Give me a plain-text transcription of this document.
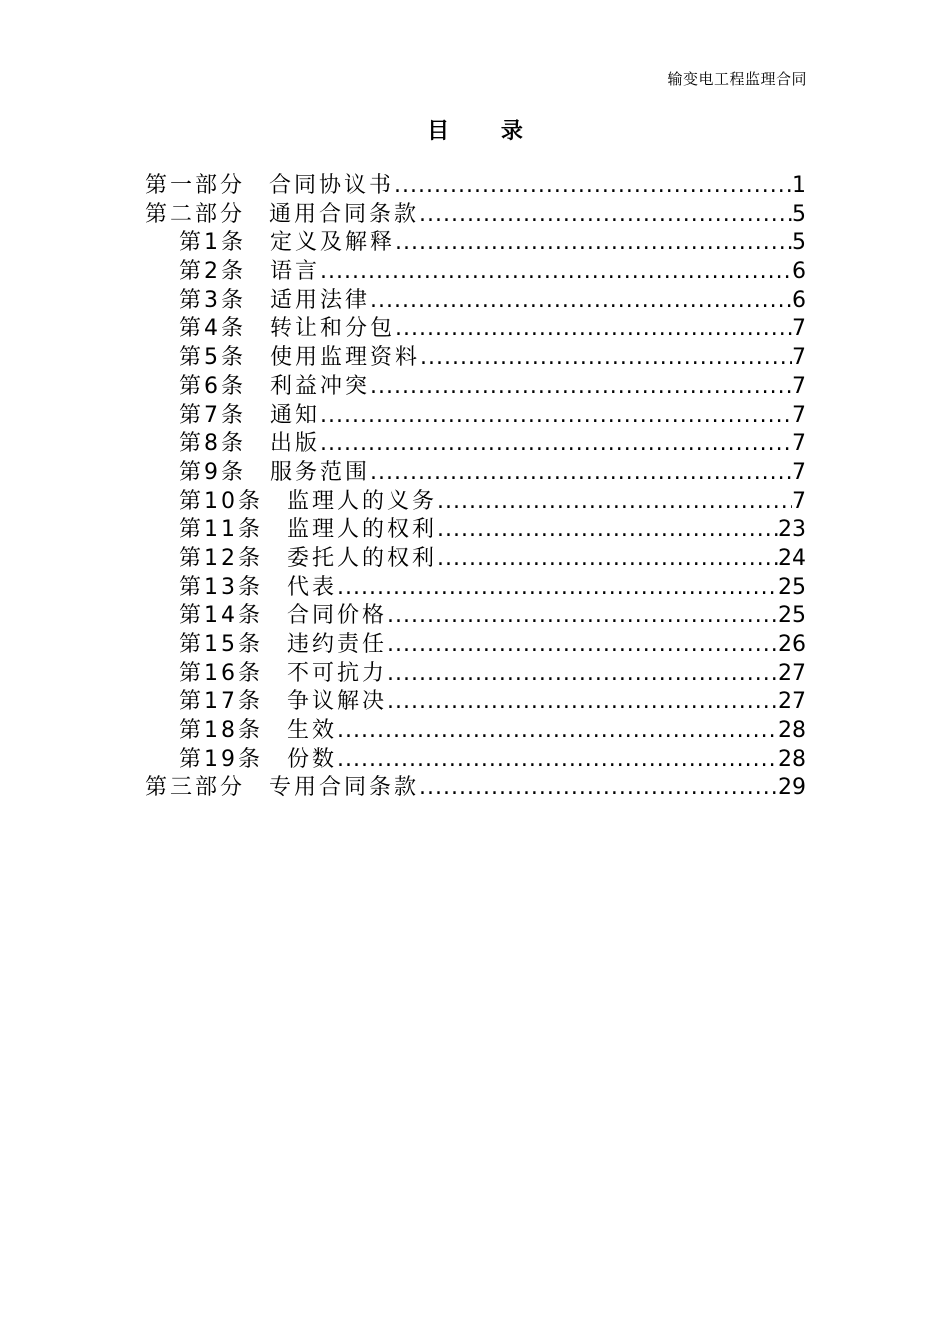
输变电工程监理合同
目 录
第一部分 合同协议书 .....	1
第二部分 通用合同条款 .....	5
第1条 定义及解释 .....	5
第2条 语言 .....	6
第3条 适用法律 .....	6
第4条 转让和分包 .....	7
第5条 使用监理资料 .....	7
第6条 利益冲突 .....	7
第7条 通知 .....	7
第8条 出版 .....	7
第9条 服务范围 .....	7
第10条 监理人的义务 .....	7
第11条 监理人的权利 .....	23
第12条 委托人的权利 .....	24
第13条 代表 .....	25
第14条 合同价格 .....	25
第15条 违约责任 .....	26
第16条 不可抗力 .....	27
第17条 争议解决 .....	27
第18条 生效 .....	28
第19条 份数 .....	28
第三部分 专用合同条款 .....	29
